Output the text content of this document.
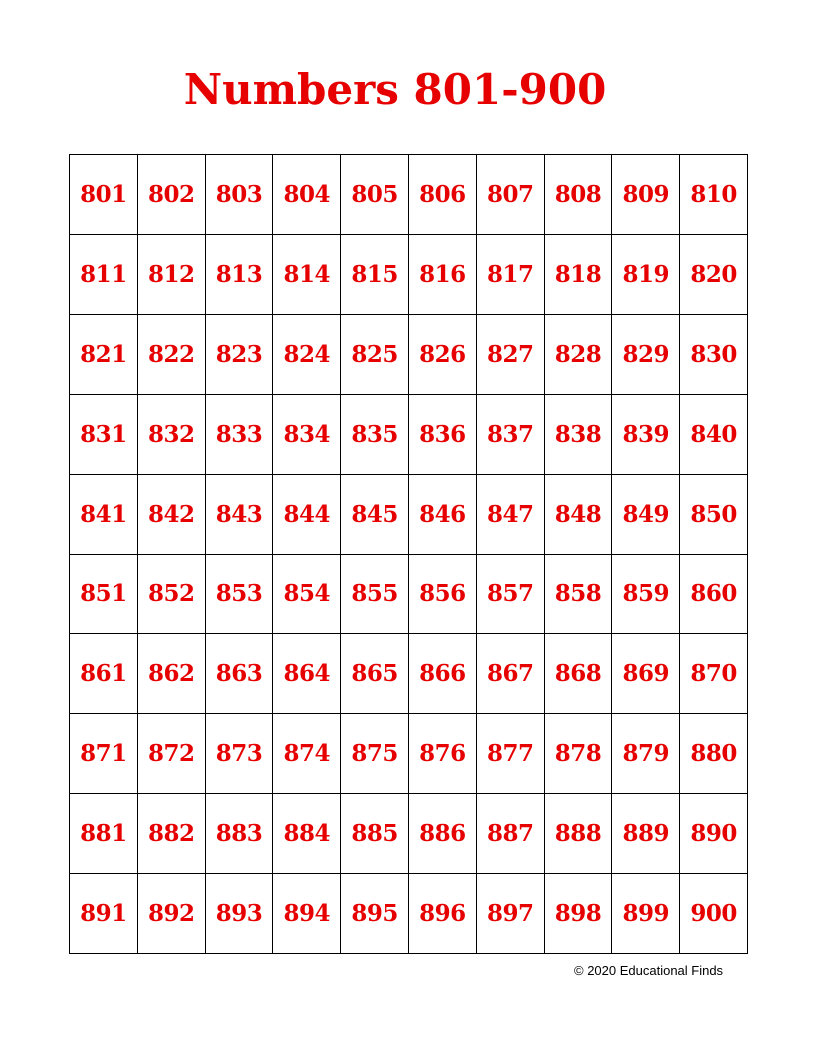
Numbers 801-900
801 802 803 804 805 806 807 808 809 810
811 812 813 814 815 816 817 818 819 820
821 822 823 824 825 826 827 828 829 830
831 832 833 834 835 836 837 838 839 840
841 842 843 844 845 846 847 848 849 850
851 852 853 854 855 856 857 858 859 860
861 862 863 864 865 866 867 868 869 870
871 872 873 874 875 876 877 878 879 880
881 882 883 884 885 886 887 888 889 890
891 892 893 894 895 896 897 898 899 900
© 2020 Educational Finds
